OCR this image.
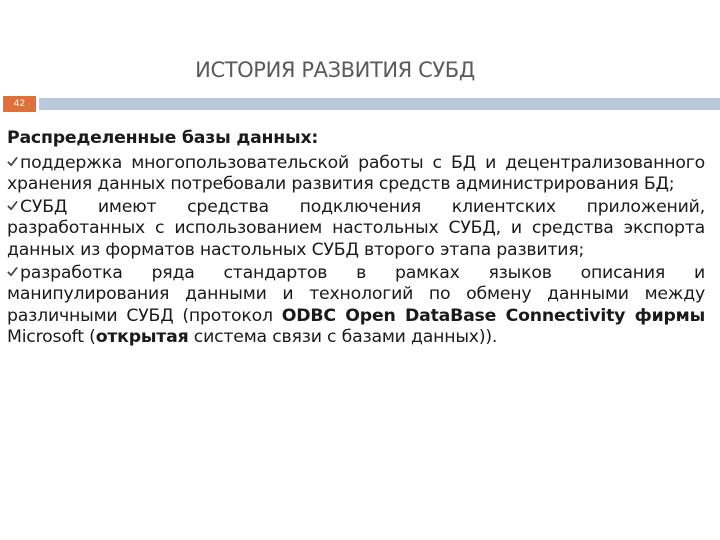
ИСТОРИЯ РАЗВИТИЯ СУБД
42
Распределенные базы данных:
поддержка многопользовательской работы с БД и децентрализованного хранения данных потребовали развития средств администрирования БД;
СУБД имеют средства подключения клиентских приложений, разработанных с использованием настольных СУБД, и средства экспорта данных из форматов настольных СУБД второго этапа развития;
разработка ряда стандартов в рамках языков описания и манипулирования данными и технологий по обмену данными между различными СУБД (протокол ODBC Open DataBase Connectivity фирмы Microsoft (открытая система связи с базами данных)).
